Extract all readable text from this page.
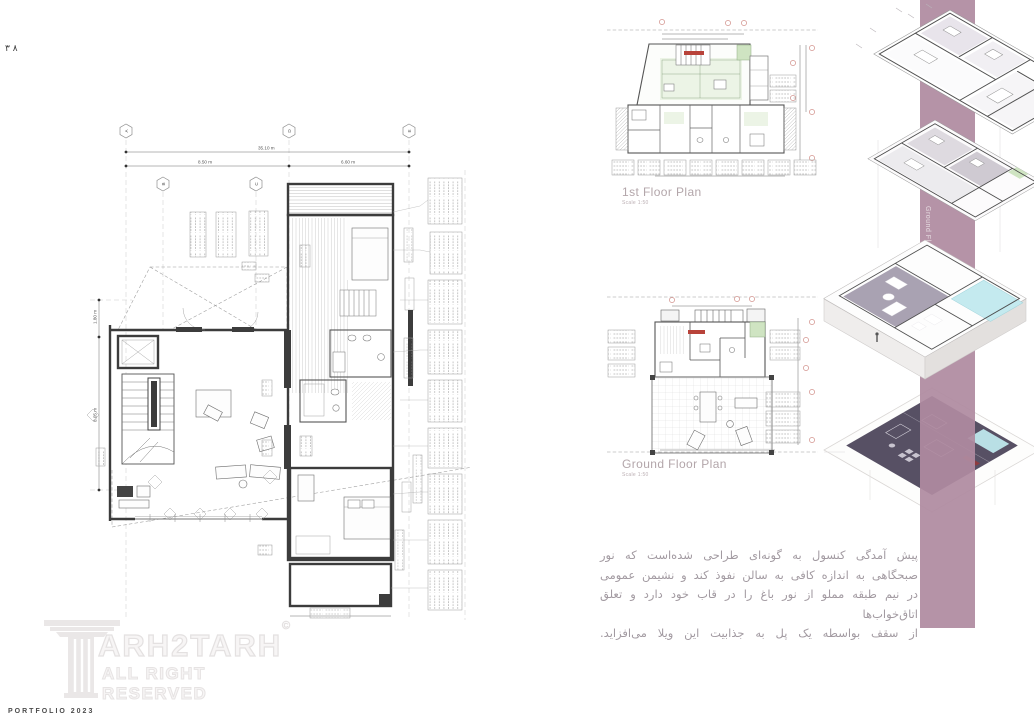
۳ ۸
35.10 m
8.50 m	6.60 m
A
B	C
D	E
1.80 m
8.05 m
1st Floor Plan
Scale 1:50
Ground Floor Plan
Scale 1:50
پیش آمدگی کنسول به گونه‌ای طراحی شده‌است که نور
صبحگاهی به اندازه کافی به سالن نفوذ کند و نشیمن عمومی
در نیم طبقه مملو از نور باغ را در قاب خود دارد و تعلق اتاق‌خواب‌ها
از سقف بواسطه یک پل به جذابیت این ویلا می‌افزاید.
ARH2TARH
©
ALL RIGHT RESERVED
PORTFOLIO 2023
